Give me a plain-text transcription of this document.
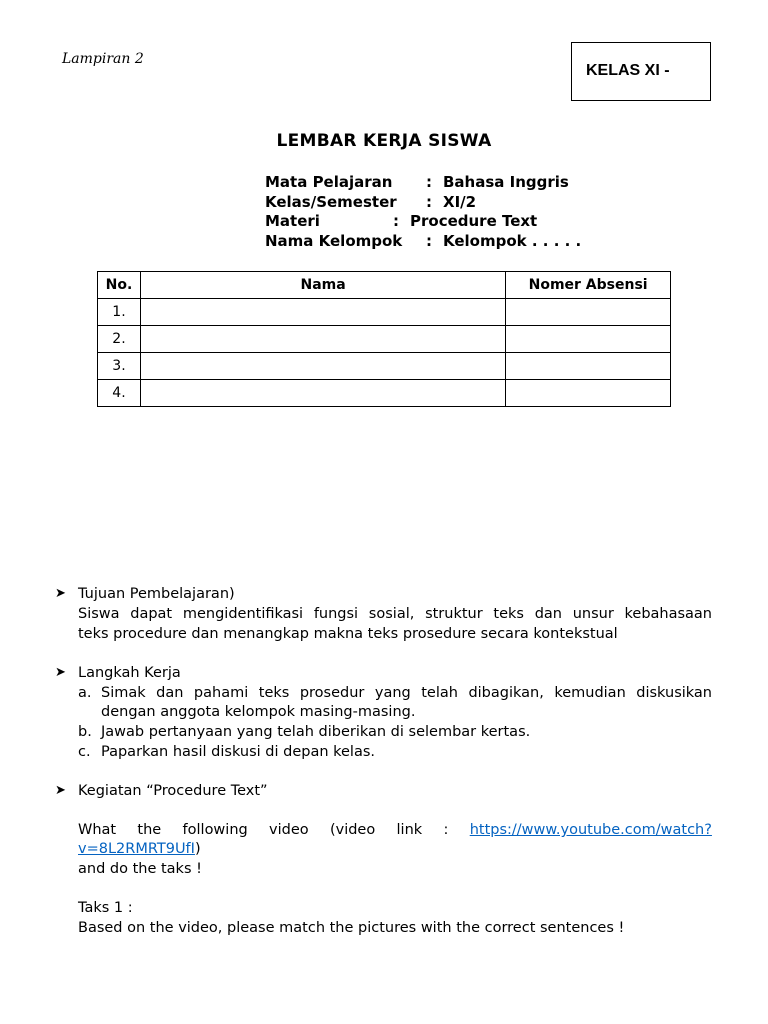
Lampiran 2
KELAS XI -
LEMBAR KERJA SISWA
Mata Pelajaran : Bahasa Inggris
Kelas/Semester : XI/2
Materi	: Procedure Text
Nama Kelompok : Kelompok . . . . .
No.	Nama	Nomer Absensi
1.		
2.		
3.		
4.		
➤ Tujuan Pembelajaran)
Siswa dapat mengidentifikasi fungsi sosial, struktur teks dan unsur kebahasaan
teks procedure dan menangkap makna teks prosedure secara kontekstual
➤ Langkah Kerja
a. Simak dan pahami teks prosedur yang telah dibagikan, kemudian diskusikan
dengan anggota kelompok masing-masing.
b. Jawab pertanyaan yang telah diberikan di selembar kertas.
c. Paparkan hasil diskusi di depan kelas.
➤ Kegiatan “Procedure Text”
What the following video (video link : https://www.youtube.com/watch?
v=8L2RMRT9UfI)
and do the taks !
Taks 1 :
Based on the video, please match the pictures with the correct sentences !
